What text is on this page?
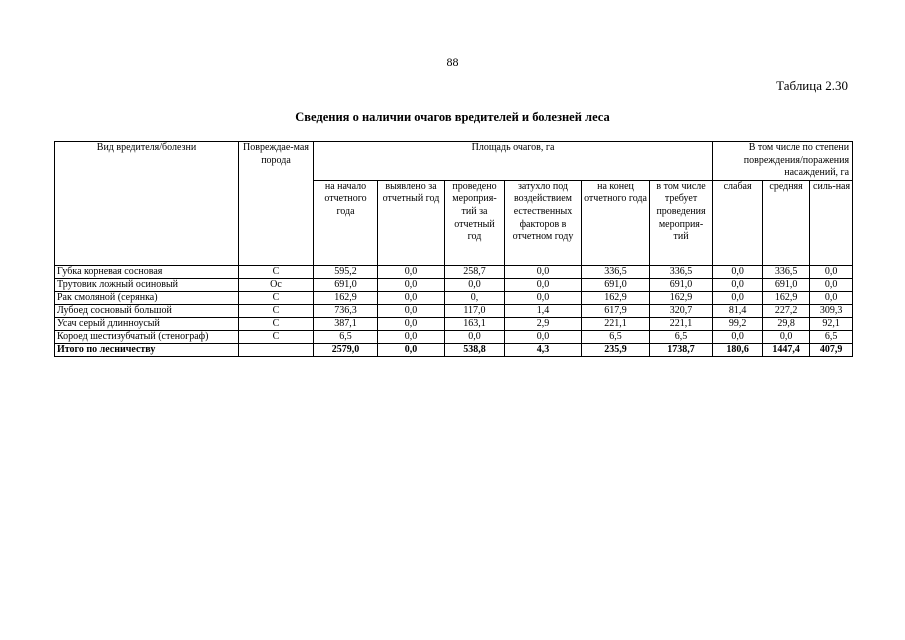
88
Таблица 2.30
Сведения о наличии очагов вредителей и болезней леса
Вид вредителя/болезни	Повреждае-мая порода	Площадь очагов, га						В том числе по степени повреждения/поражения насаждений, га		
		на начало отчетного года	выявлено за отчетный год	проведено мероприя-тий за отчетный год	затухло под воздействием естественных факторов в отчетном году	на конец отчетного года	в том числе требует проведения мероприя-тий	слабая	средняя	силь-ная
Губка корневая сосновая	С	595,2	0,0	258,7	0,0	336,5	336,5	0,0	336,5	0,0
Трутовик ложный осиновый	Ос	691,0	0,0	0,0	0,0	691,0	691,0	0,0	691,0	0,0
Рак смоляной (серянка)	С	162,9	0,0	0,	0,0	162,9	162,9	0,0	162,9	0,0
Лубоед сосновый большой	С	736,3	0,0	117,0	1,4	617,9	320,7	81,4	227,2	309,3
Усач серый длинноусый	С	387,1	0,0	163,1	2,9	221,1	221,1	99,2	29,8	92,1
Короед шестизубчатый (стенограф)	С	6,5	0,0	0,0	0,0	6,5	6,5	0,0	0,0	6,5
Итого по лесничеству		2579,0	0,0	538,8	4,3	235,9	1738,7	180,6	1447,4	407,9
